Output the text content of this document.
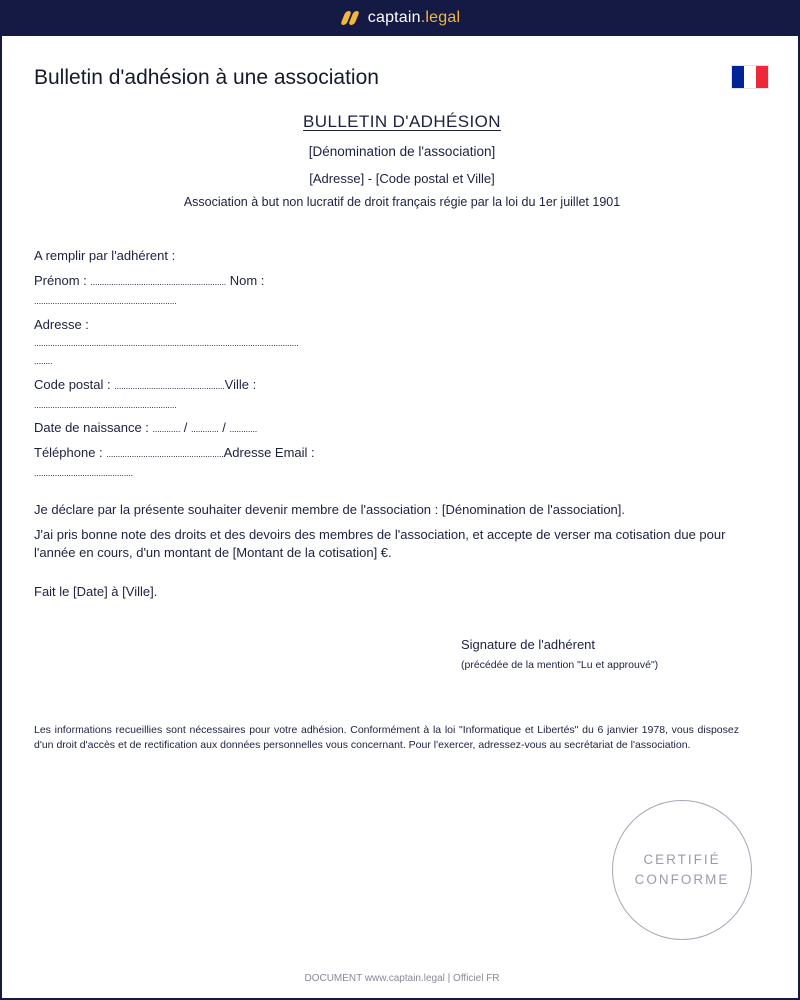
captain.legal
Bulletin d'adhésion à une association
BULLETIN D'ADHÉSION
[Dénomination de l'association]
[Adresse] - [Code postal et Ville]
Association à but non lucratif de droit français régie par la loi du 1er juillet 1901
A remplir par l'adhérent :
Prénom : ........................................................... Nom :
..............................................................
Adresse :
...................................................................................................................
........
Code postal : ................................................Ville :
..............................................................
Date de naissance : ............ / ............ / ............
Téléphone : ...................................................Adresse Email :
...........................................
Je déclare par la présente souhaiter devenir membre de l'association : [Dénomination de l'association].
J'ai pris bonne note des droits et des devoirs des membres de l'association, et accepte de verser ma cotisation due pour l'année en cours, d'un montant de [Montant de la cotisation] €.
Fait le [Date] à [Ville].
Signature de l'adhérent
(précédée de la mention "Lu et approuvé")
Les informations recueillies sont nécessaires pour votre adhésion. Conformément à la loi "Informatique et Libertés" du 6 janvier 1978, vous disposez d'un droit d'accès et de rectification aux données personnelles vous concernant. Pour l'exercer, adressez-vous au secrétariat de l'association.
CERTIFIÉ
CONFORME
DOCUMENT www.captain.legal | Officiel FR
